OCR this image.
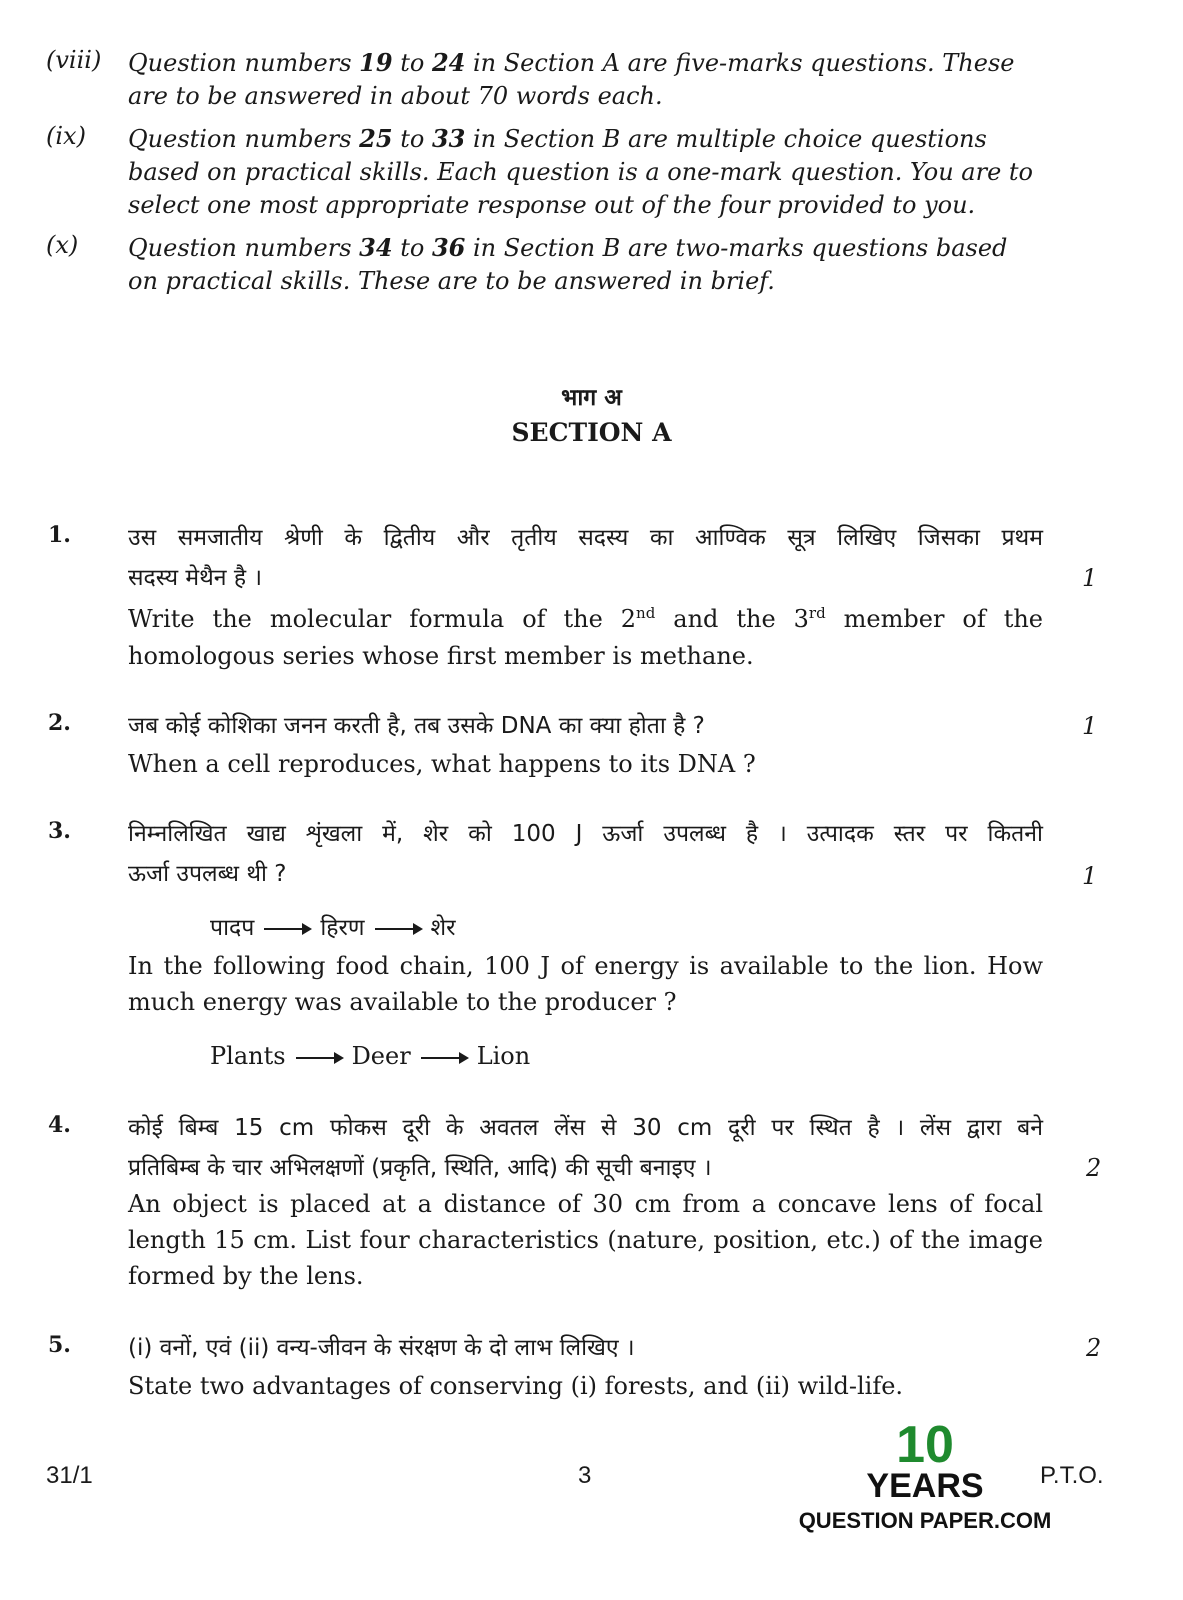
(viii) Question numbers 19 to 24 in Section A are five-marks questions. These are to be answered in about 70 words each.
(ix) Question numbers 25 to 33 in Section B are multiple choice questions based on practical skills. Each question is a one-mark question. You are to select one most appropriate response out of the four provided to you.
(x) Question numbers 34 to 36 in Section B are two-marks questions based on practical skills. These are to be answered in brief.
भाग अ
SECTION A
1. उस समजातीय श्रेणी के द्वितीय और तृतीय सदस्य का आण्विक सूत्र लिखिए जिसका प्रथम
सदस्य मेथैन है ।	1
Write the molecular formula of the 2nd and the 3rd member of the
homologous series whose first member is methane.
2. जब कोई कोशिका जनन करती है, तब उसके DNA का क्या होता है ?	1
When a cell reproduces, what happens to its DNA ?
3. निम्नलिखित खाद्य शृंखला में, शेर को 100 J ऊर्जा उपलब्ध है । उत्पादक स्तर पर कितनी
ऊर्जा उपलब्ध थी ?	1
पादप	हिरण	शेर
In the following food chain, 100 J of energy is available to the lion. How
much energy was available to the producer ?
Plants	Deer	Lion
4. कोई बिम्ब 15 cm फोकस दूरी के अवतल लेंस से 30 cm दूरी पर स्थित है । लेंस द्वारा बने
प्रतिबिम्ब के चार अभिलक्षणों (प्रकृति, स्थिति, आदि) की सूची बनाइए ।	2
An object is placed at a distance of 30 cm from a concave lens of focal
length 15 cm. List four characteristics (nature, position, etc.) of the image
formed by the lens.
5. (i) वनों, एवं (ii) वन्य-जीवन के संरक्षण के दो लाभ लिखिए ।	2
State two advantages of conserving (i) forests, and (ii) wild-life.
31/1	3	P.T.O.
10
YEARS
QUESTION PAPER.COM
